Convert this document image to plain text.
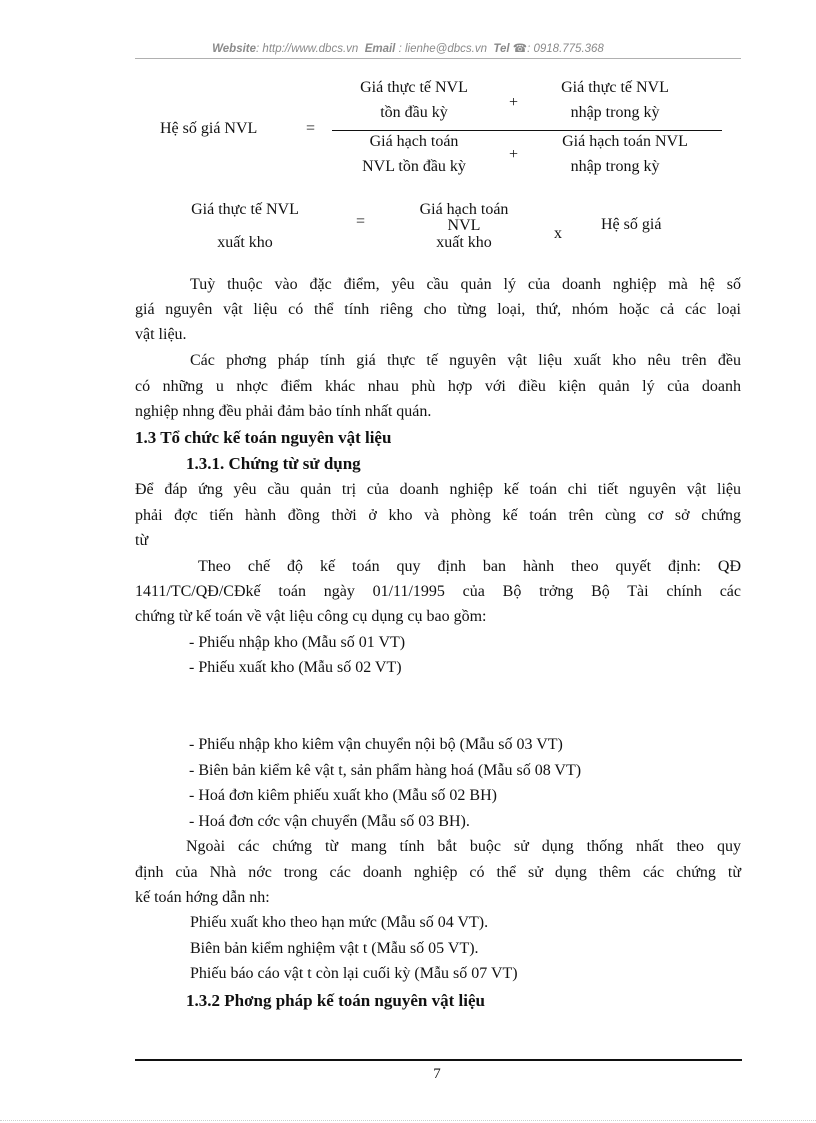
Website: http://www.dbcs.vn Email : lienhe@dbcs.vn Tel ☎: 0918.775.368
Hệ số giá NVL	=
Giá thực tế NVL
tồn đầu kỳ
+
Giá thực tế NVL
nhập trong kỳ
Giá hạch toán
NVL tồn đầu kỳ
+
Giá hạch toán NVL
nhập trong kỳ
Giá thực tế NVL
xuất kho
=
Giá hạch toán
NVL
xuất kho
x
Hệ số giá
Tuỳ thuộc vào đặc điểm, yêu cầu quản lý của doanh nghiệp mà hệ số
giá nguyên vật liệu có thể tính riêng cho từng loại, thứ, nhóm hoặc cả các loại
vật liệu.
Các phơng pháp tính giá thực tế nguyên vật liệu xuất kho nêu trên đều
có những u nhợc điểm khác nhau phù hợp với điều kiện quản lý của doanh
nghiệp nhng đều phải đảm bảo tính nhất quán.
1.3 Tổ chức kế toán nguyên vật liệu
1.3.1. Chứng từ sử dụng
Để đáp ứng yêu cầu quản trị của doanh nghiệp kế toán chi tiết nguyên vật liệu
phải đợc tiến hành đồng thời ở kho và phòng kế toán trên cùng cơ sở chứng
từ
Theo chế độ kế toán quy định ban hành theo quyết định: QĐ
1411/TC/QĐ/CĐkế toán ngày 01/11/1995 của Bộ trởng Bộ Tài chính các
chứng từ kế toán về vật liệu công cụ dụng cụ bao gồm:
- Phiếu nhập kho (Mẫu số 01 VT)
- Phiếu xuất kho (Mẫu số 02 VT)
- Phiếu nhập kho kiêm vận chuyển nội bộ (Mẫu số 03 VT)
- Biên bản kiểm kê vật t, sản phẩm hàng hoá (Mẫu số 08 VT)
- Hoá đơn kiêm phiếu xuất kho (Mẫu số 02 BH)
- Hoá đơn cớc vận chuyển (Mẫu số 03 BH).
Ngoài các chứng từ mang tính bắt buộc sử dụng thống nhất theo quy
định của Nhà nớc trong các doanh nghiệp có thể sử dụng thêm các chứng từ
kế toán hớng dẫn nh:
Phiếu xuất kho theo hạn mức (Mẫu số 04 VT).
Biên bản kiểm nghiệm vật t (Mẫu số 05 VT).
Phiếu báo cáo vật t còn lại cuối kỳ (Mẫu số 07 VT)
1.3.2 Phơng pháp kế toán nguyên vật liệu
7
